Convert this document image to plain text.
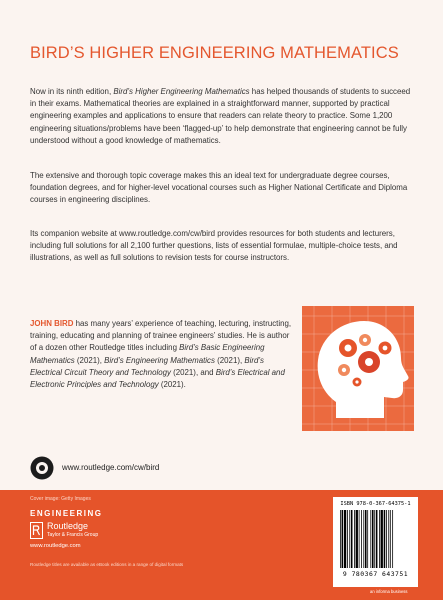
BIRD’S HIGHER ENGINEERING MATHEMATICS

Now in its ninth edition, Bird’s Higher Engineering Mathematics has helped thousands of students to succeed in their exams. Mathematical theories are explained in a straightforward manner, supported by practical engineering examples and applications to ensure that readers can relate theory to practice. Some 1,200 engineering situations/problems have been ‘flagged-up’ to help demonstrate that engineering cannot be fully understood without a good knowledge of mathematics.

The extensive and thorough topic coverage makes this an ideal text for undergraduate degree courses, foundation degrees, and for higher-level vocational courses such as Higher National Certificate and Diploma courses in engineering disciplines.

Its companion website at www.routledge.com/cw/bird provides resources for both students and lecturers, including full solutions for all 2,100 further questions, lists of essential formulae, multiple-choice tests, and illustrations, as well as full solutions to revision tests for course instructors.

JOHN BIRD has many years’ experience of teaching, lecturing, instructing, training, educating and planning of trainee engineers’ studies. He is author of a dozen other Routledge titles including Bird’s Basic Engineering Mathematics (2021), Bird’s Engineering Mathematics (2021), Bird’s Electrical Circuit Theory and Technology (2021), and Bird’s Electrical and Electronic Principles and Technology (2021).

www.routledge.com/cw/bird
Cover image: Getty Images
ENGINEERING
Routledge
Taylor & Francis Group
www.routledge.com
Routledge titles are available as eBook editions in a range of digital formats
ISBN 978-0-367-64375-1
9 780367 643751
an informa business
